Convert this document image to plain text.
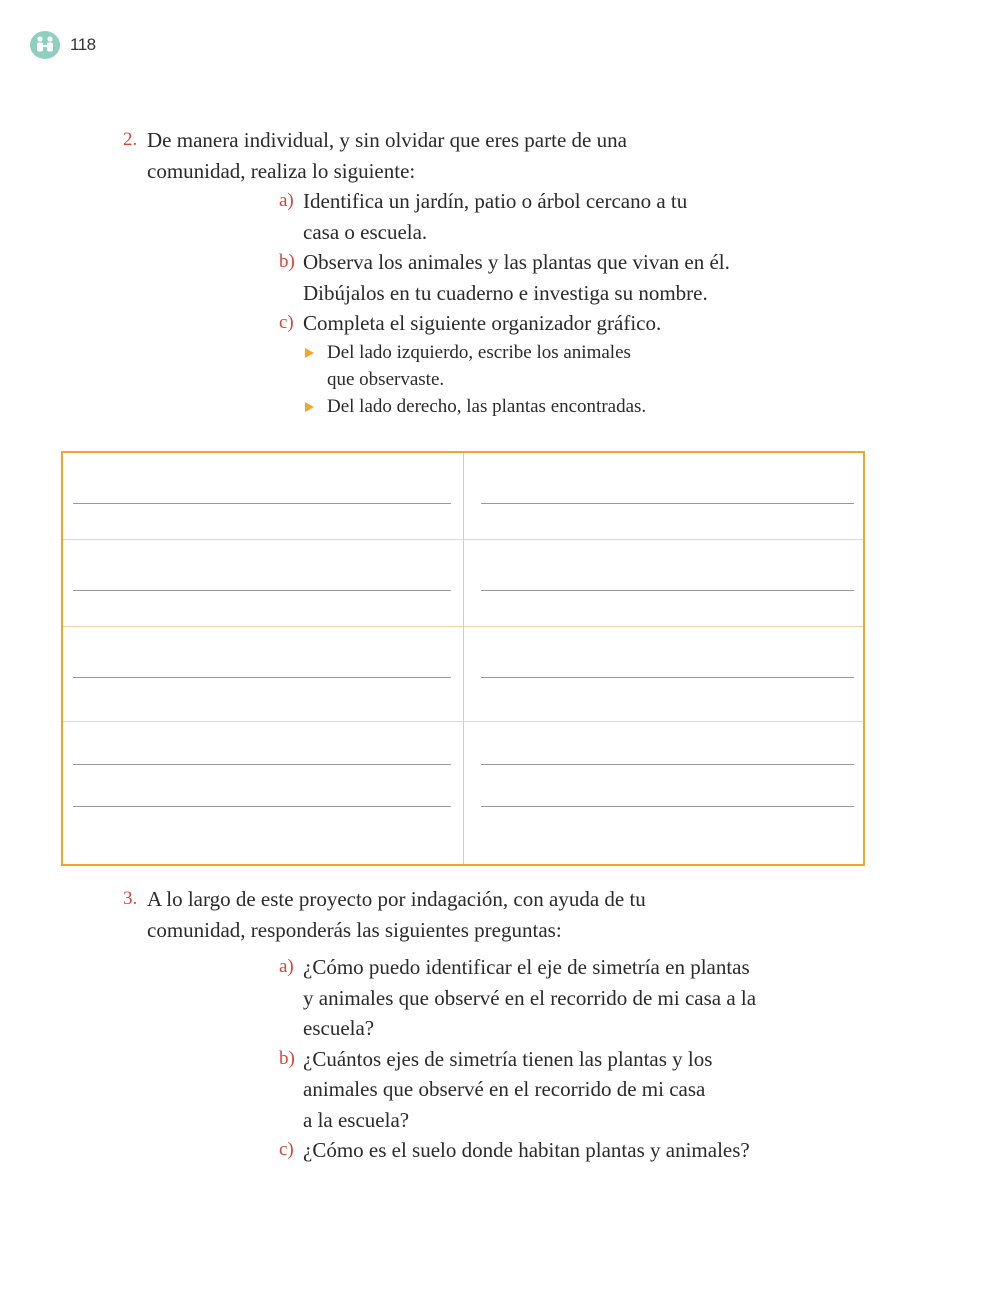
118
2. De manera individual, y sin olvidar que eres parte de una
comunidad, realiza lo siguiente:
a) Identifica un jardín, patio o árbol cercano a tu
casa o escuela.
b) Observa los animales y las plantas que vivan en él.
Dibújalos en tu cuaderno e investiga su nombre.
c) Completa el siguiente organizador gráfico.
Del lado izquierdo, escribe los animales
que observaste.
Del lado derecho, las plantas encontradas.
3. A lo largo de este proyecto por indagación, con ayuda de tu
comunidad, responderás las siguientes preguntas:
a) ¿Cómo puedo identificar el eje de simetría en plantas
y animales que observé en el recorrido de mi casa a la
escuela?
b) ¿Cuántos ejes de simetría tienen las plantas y los
animales que observé en el recorrido de mi casa
a la escuela?
c) ¿Cómo es el suelo donde habitan plantas y animales?
